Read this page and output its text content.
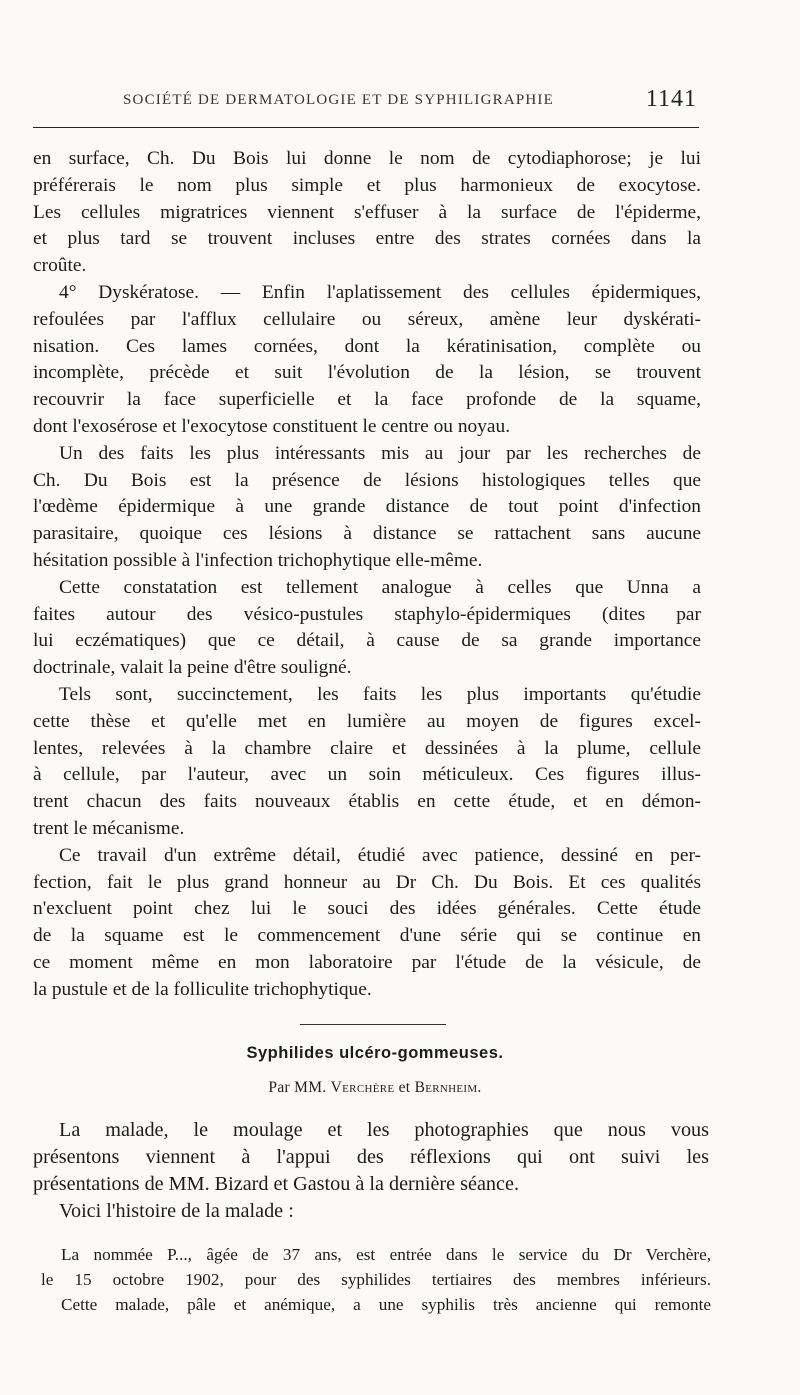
SOCIÉTÉ DE DERMATOLOGIE ET DE SYPHILIGRAPHIE	1141
en surface, Ch. Du Bois lui donne le nom de cytodiaphorose; je lui
préférerais le nom plus simple et plus harmonieux de exocytose.
Les cellules migratrices viennent s'effuser à la surface de l'épiderme,
et plus tard se trouvent incluses entre des strates cornées dans la
croûte.
4° Dyskératose. — Enfin l'aplatissement des cellules épidermiques,
refoulées par l'afflux cellulaire ou séreux, amène leur dyskérati-
nisation. Ces lames cornées, dont la kératinisation, complète ou
incomplète, précède et suit l'évolution de la lésion, se trouvent
recouvrir la face superficielle et la face profonde de la squame,
dont l'exosérose et l'exocytose constituent le centre ou noyau.
Un des faits les plus intéressants mis au jour par les recherches de
Ch. Du Bois est la présence de lésions histologiques telles que
l'œdème épidermique à une grande distance de tout point d'infection
parasitaire, quoique ces lésions à distance se rattachent sans aucune
hésitation possible à l'infection trichophytique elle-même.
Cette constatation est tellement analogue à celles que Unna a
faites autour des vésico-pustules staphylo-épidermiques (dites par
lui eczématiques) que ce détail, à cause de sa grande importance
doctrinale, valait la peine d'être souligné.
Tels sont, succinctement, les faits les plus importants qu'étudie
cette thèse et qu'elle met en lumière au moyen de figures excel-
lentes, relevées à la chambre claire et dessinées à la plume, cellule
à cellule, par l'auteur, avec un soin méticuleux. Ces figures illus-
trent chacun des faits nouveaux établis en cette étude, et en démon-
trent le mécanisme.
Ce travail d'un extrême détail, étudié avec patience, dessiné en per-
fection, fait le plus grand honneur au Dr Ch. Du Bois. Et ces qualités
n'excluent point chez lui le souci des idées générales. Cette étude
de la squame est le commencement d'une série qui se continue en
ce moment même en mon laboratoire par l'étude de la vésicule, de
la pustule et de la folliculite trichophytique.
Syphilides ulcéro-gommeuses.
Par MM. Verchère et Bernheim.
La malade, le moulage et les photographies que nous vous
présentons viennent à l'appui des réflexions qui ont suivi les
présentations de MM. Bizard et Gastou à la dernière séance.
Voici l'histoire de la malade :
La nommée P..., âgée de 37 ans, est entrée dans le service du Dr Verchère,
le 15 octobre 1902, pour des syphilides tertiaires des membres inférieurs.
Cette malade, pâle et anémique, a une syphilis très ancienne qui remonte
